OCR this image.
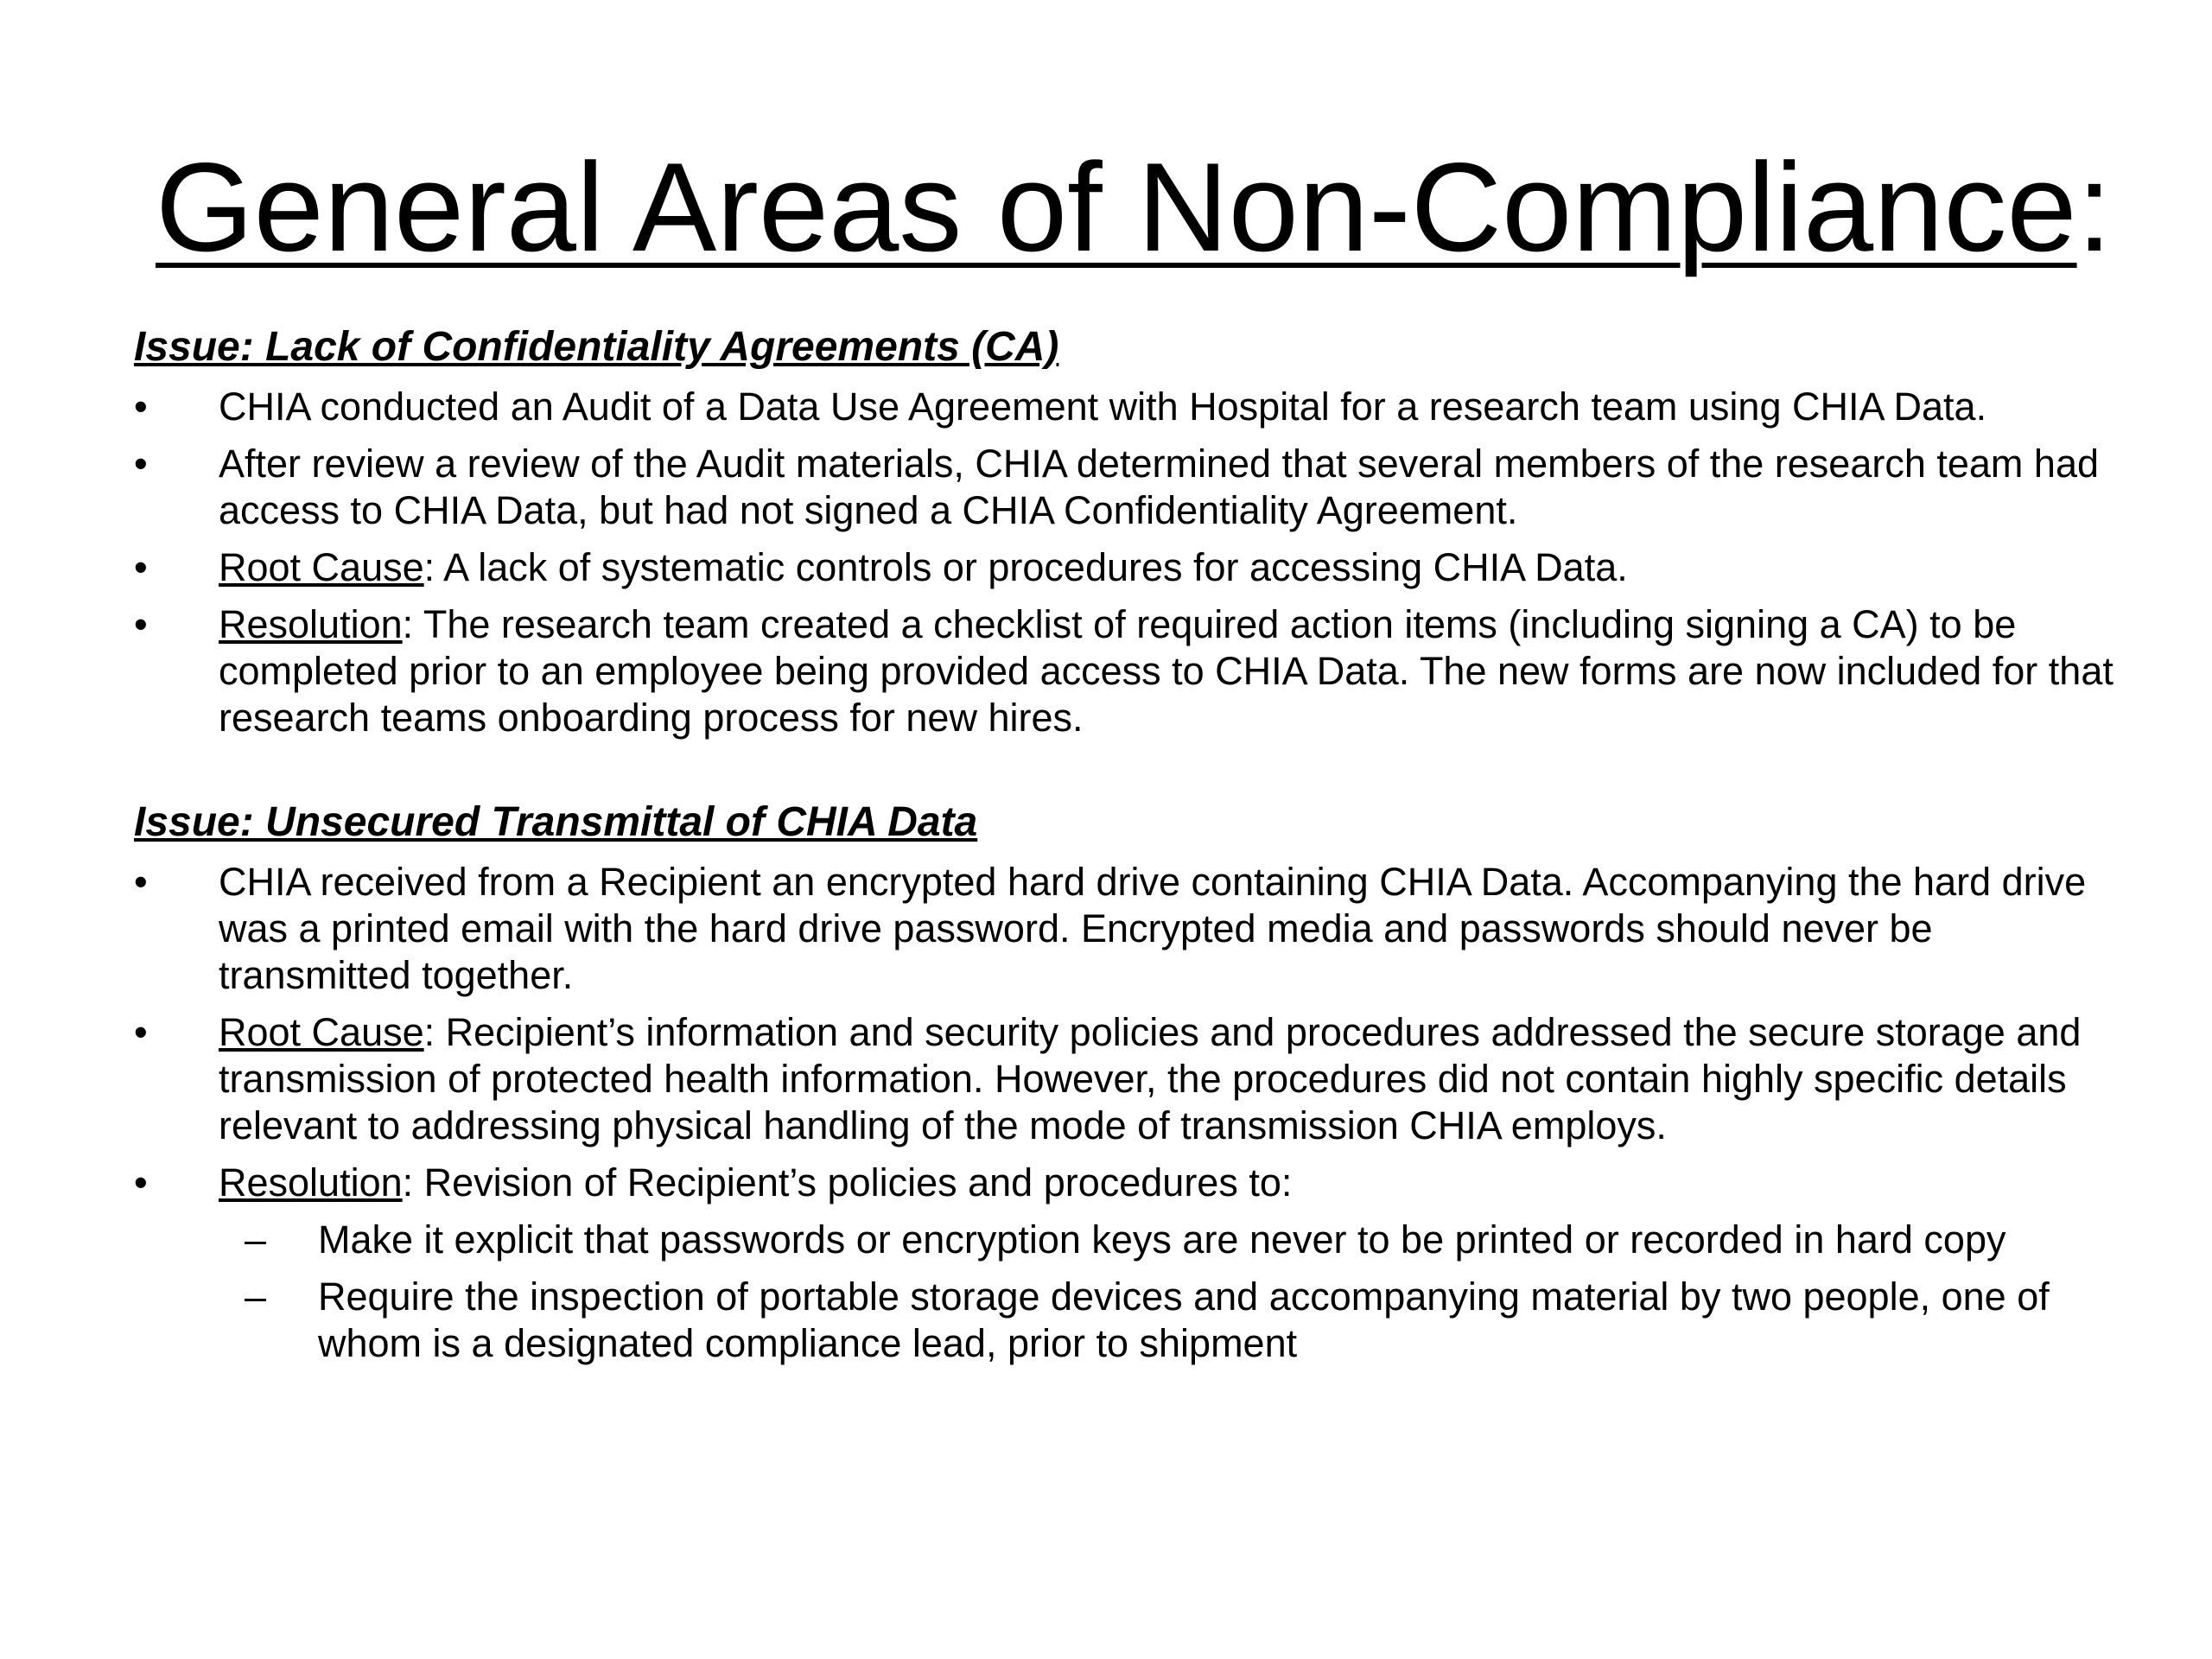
General Areas of Non-Compliance:

Issue: Lack of Confidentiality Agreements (CA)

•	CHIA conducted an Audit of a Data Use Agreement with Hospital for a research team using CHIA Data.
•	After review a review of the Audit materials, CHIA determined that several members of the research team had access to CHIA Data, but had not signed a CHIA Confidentiality Agreement.
•	Root Cause: A lack of systematic controls or procedures for accessing CHIA Data.
•	Resolution: The research team created a checklist of required action items (including signing a CA) to be completed prior to an employee being provided access to CHIA Data. The new forms are now included for that research teams onboarding process for new hires.

Issue: Unsecured Transmittal of CHIA Data

•	CHIA received from a Recipient an encrypted hard drive containing CHIA Data. Accompanying the hard drive was a printed email with the hard drive password. Encrypted media and passwords should never be transmitted together.
•	Root Cause: Recipient’s information and security policies and procedures addressed the secure storage and transmission of protected health information. However, the procedures did not contain highly specific details relevant to addressing physical handling of the mode of transmission CHIA employs.
•	Resolution: Revision of Recipient’s policies and procedures to:
– Make it explicit that passwords or encryption keys are never to be printed or recorded in hard copy
– Require the inspection of portable storage devices and accompanying material by two people, one of whom is a designated compliance lead, prior to shipment
